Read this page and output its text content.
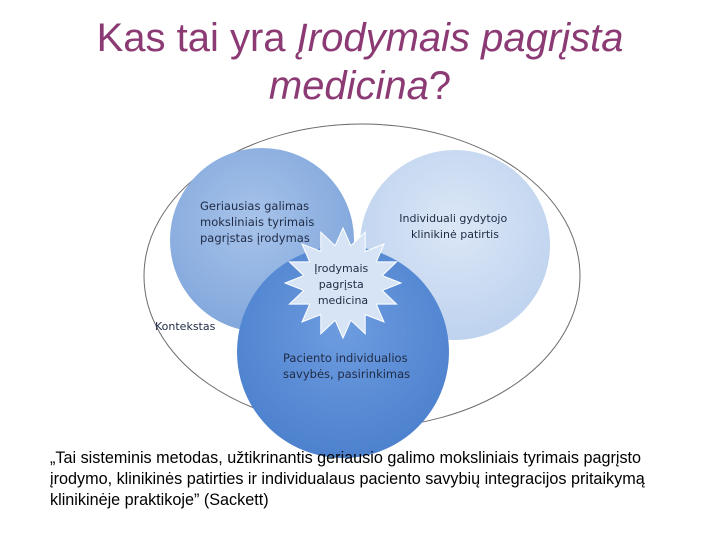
Kas tai yra Įrodymais pagrįsta
medicina?
Kontekstas
Geriausias galimas moksliniais tyrimais pagrįstas įrodymas
Individuali gydytojo klinikinė patirtis
Paciento individualios savybės, pasirinkimas
Įrodymais pagrįsta medicina

„Tai sisteminis metodas, užtikrinantis geriausio galimo moksliniais tyrimais pagrįsto įrodymo, klinikinės patirties ir individualaus paciento savybių integracijos pritaikymą klinikinėje praktikoje” (Sackett)
